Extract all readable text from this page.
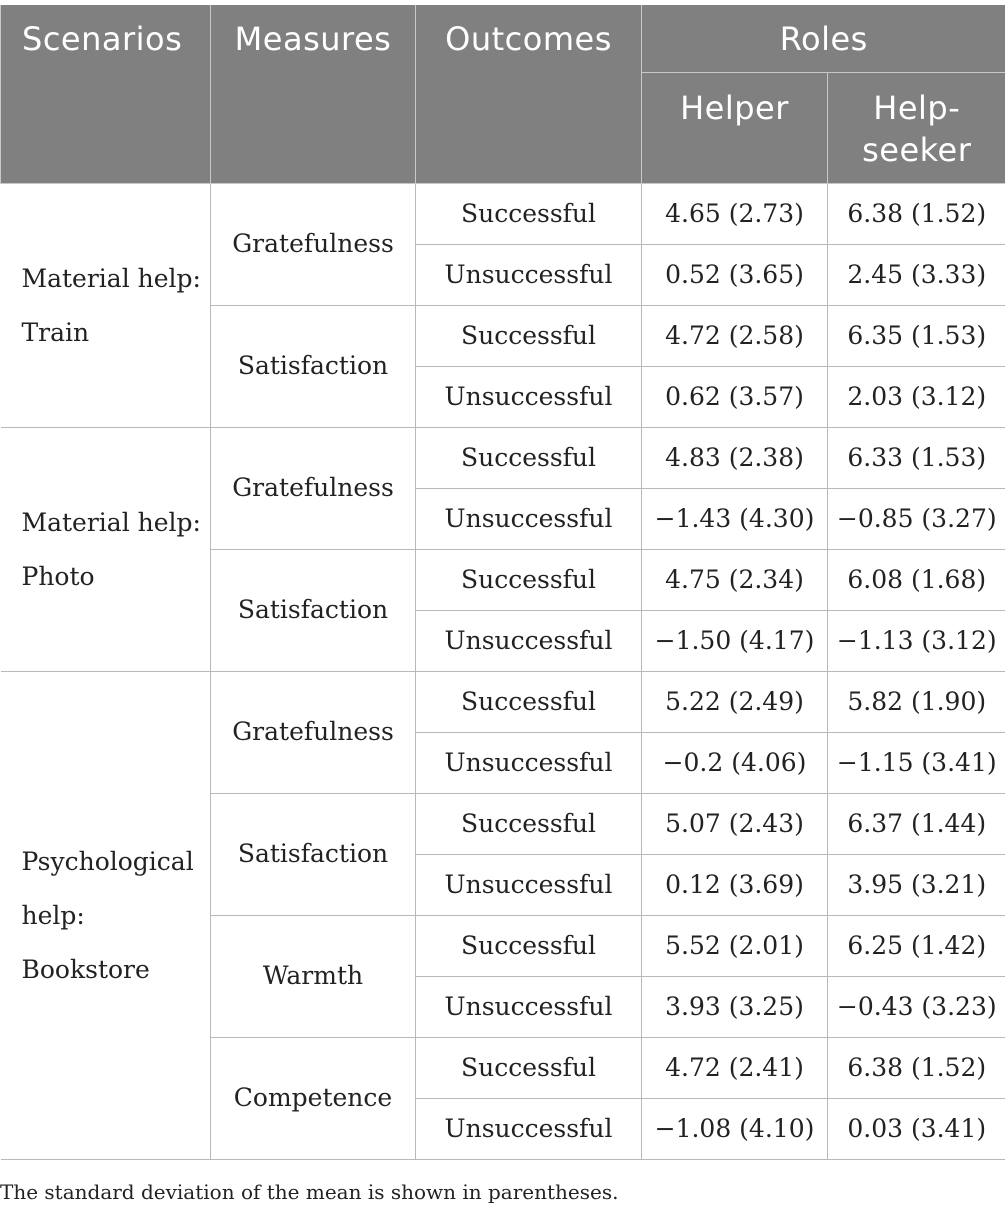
Scenarios	Measures	Outcomes	Roles	
			Helper	Help-seeker
Material help: Train	Gratefulness	Successful	4.65 (2.73)	6.38 (1.52)
		Unsuccessful	0.52 (3.65)	2.45 (3.33)
	Satisfaction	Successful	4.72 (2.58)	6.35 (1.53)
		Unsuccessful	0.62 (3.57)	2.03 (3.12)
Material help: Photo	Gratefulness	Successful	4.83 (2.38)	6.33 (1.53)
		Unsuccessful	−1.43 (4.30)	−0.85 (3.27)
	Satisfaction	Successful	4.75 (2.34)	6.08 (1.68)
		Unsuccessful	−1.50 (4.17)	−1.13 (3.12)
Psychological help: Bookstore	Gratefulness	Successful	5.22 (2.49)	5.82 (1.90)
		Unsuccessful	−0.2 (4.06)	−1.15 (3.41)
	Satisfaction	Successful	5.07 (2.43)	6.37 (1.44)
		Unsuccessful	0.12 (3.69)	3.95 (3.21)
	Warmth	Successful	5.52 (2.01)	6.25 (1.42)
		Unsuccessful	3.93 (3.25)	−0.43 (3.23)
	Competence	Successful	4.72 (2.41)	6.38 (1.52)
		Unsuccessful	−1.08 (4.10)	0.03 (3.41)
The standard deviation of the mean is shown in parentheses.
